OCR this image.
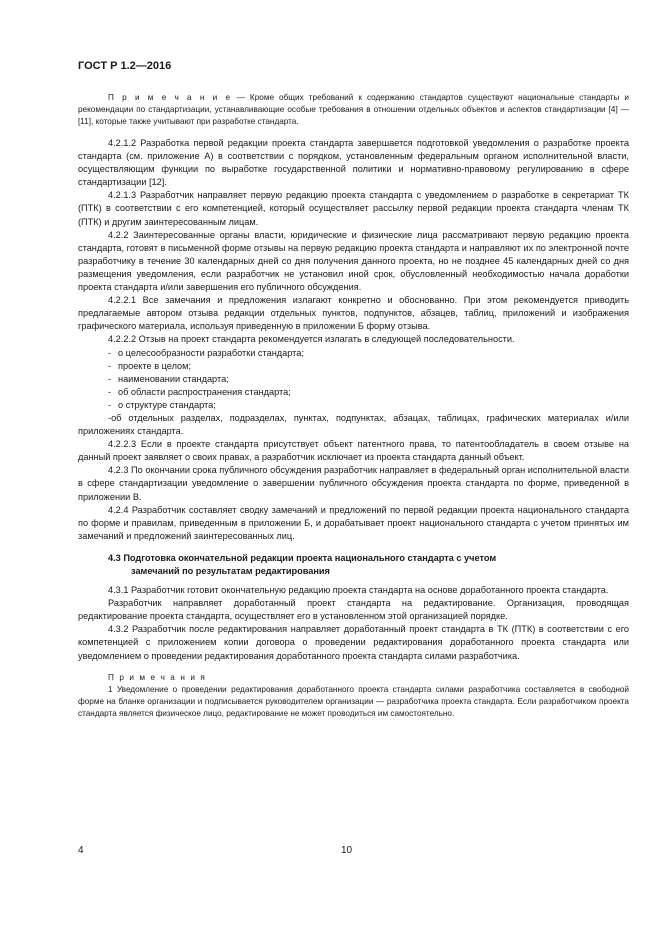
ГОСТ Р 1.2—2016

П р и м е ч а н и е — Кроме общих требований к содержанию стандартов существуют национальные стандарты и рекомендации по стандартизации, устанавливающие особые требования в отношении отдельных объектов и аспектов стандартизации [4] — [11], которые также учитывают при разработке стандарта.

4.2.1.2 Разработка первой редакции проекта стандарта завершается подготовкой уведомления о разработке проекта стандарта (см. приложение А) в соответствии с порядком, установленным федеральным органом исполнительной власти, осуществляющим функции по выработке государственной политики и нормативно-правовому регулированию в сфере стандартизации [12].

4.2.1.3 Разработчик направляет первую редакцию проекта стандарта с уведомлением о разработке в секретариат ТК (ПТК) в соответствии с его компетенцией, который осуществляет рассылку первой редакции проекта стандарта членам ТК (ПТК) и другим заинтересованным лицам.

4.2.2 Заинтересованные органы власти, юридические и физические лица рассматривают первую редакцию проекта стандарта, готовят в письменной форме отзывы на первую редакцию проекта стандарта и направляют их по электронной почте разработчику в течение 30 календарных дней со дня получения данного проекта, но не позднее 45 календарных дней со дня размещения уведомления, если разработчик не установил иной срок, обусловленный необходимостью начала доработки проекта стандарта и/или завершения его публичного обсуждения.

4.2.2.1 Все замечания и предложения излагают конкретно и обоснованно. При этом рекомендуется приводить предлагаемые автором отзыва редакции отдельных пунктов, подпунктов, абзацев, таблиц, приложений и изображения графического материала, используя приведенную в приложении Б форму отзыва.

4.2.2.2 Отзыв на проект стандарта рекомендуется излагать в следующей последовательности.

- о целесообразности разработки стандарта;

- проекте в целом;

- наименовании стандарта;

- об области распространения стандарта;

- о структуре стандарта;

-об отдельных разделах, подразделах, пунктах, подпунктах, абзацах, таблицах, графических материалах и/или приложениях стандарта.

4.2.2.3 Если в проекте стандарта присутствует объект патентного права, то патентообладатель в своем отзыве на данный проект заявляет о своих правах, а разработчик исключает из проекта стандарта данный объект.

4.2.3 По окончании срока публичного обсуждения разработчик направляет в федеральный орган исполнительной власти в сфере стандартизации уведомление о завершении публичного обсуждения проекта стандарта по форме, приведенной в приложении В.

4.2.4 Разработчик составляет сводку замечаний и предложений по первой редакции проекта национального стандарта по форме и правилам, приведенным в приложении Б, и дорабатывает проект национального стандарта с учетом принятых им замечаний и предложений заинтересованных лиц.

4.3 Подготовка окончательной редакции проекта национального стандарта с учетом
замечаний по результатам редактирования

4.3.1 Разработчик готовит окончательную редакцию проекта стандарта на основе доработанного проекта стандарта.

Разработчик направляет доработанный проект стандарта на редактирование. Организация, проводящая редактирование проекта стандарта, осуществляет его в установленном этой организацией порядке.

4.3.2 Разработчик после редактирования направляет доработанный проект стандарта в ТК (ПТК) в соответствии с его компетенцией с приложением копии договора о проведении редактирования доработанного проекта стандарта или уведомлением о проведении редактирования доработанного проекта стандарта силами разработчика.

П р и м е ч а н и я

1 Уведомление о проведении редактирования доработанного проекта стандарта силами разработчика составляется в свободной форме на бланке организации и подписывается руководителем организации — разработчика проекта стандарта. Если разработчиком проекта стандарта является физическое лицо, редактирование не может проводиться им самостоятельно.

4	10
